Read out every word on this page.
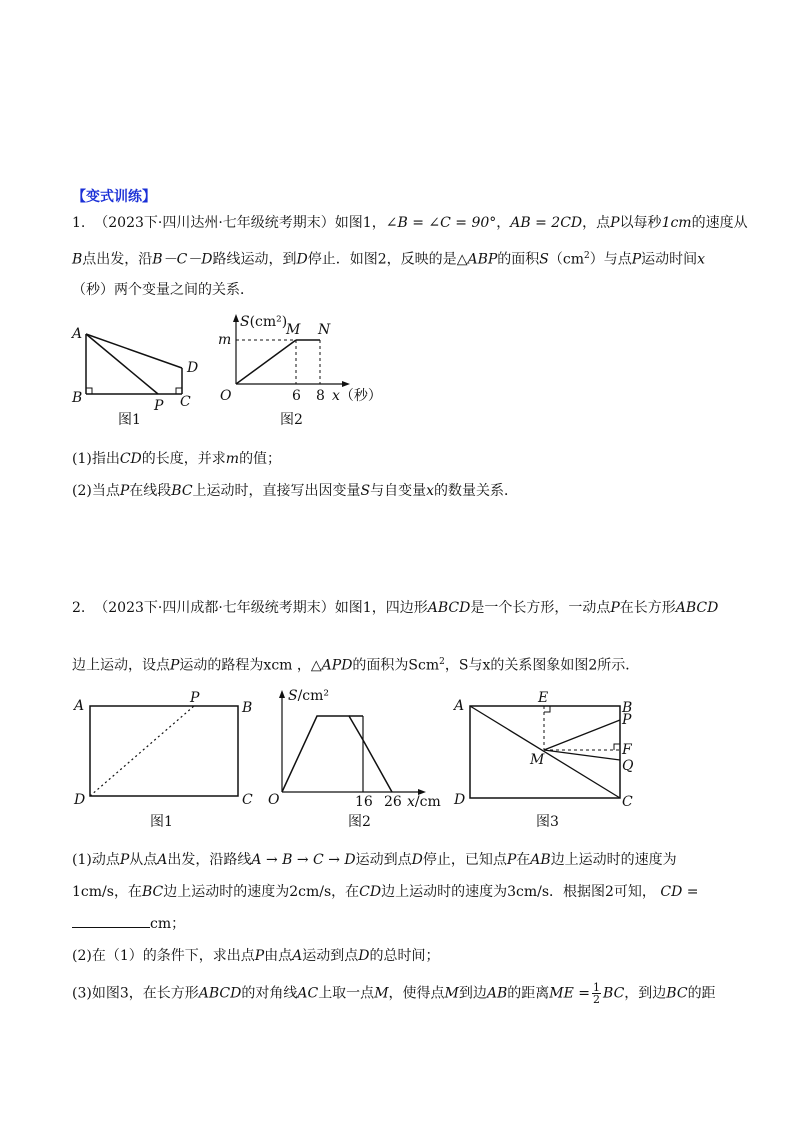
【变式训练】
1. （2023下·四川达州·七年级统考期末）如图1，∠B = ∠C = 90°，AB = 2CD，点P以每秒1cm的速度从
B点出发，沿B－C－D路线运动，到D停止．如图2，反映的是△ABP的面积$S(cm^2)$与点P运动时间x
（秒）两个变量之间的关系．
A
B	C
D
P
图1
S(cm²)
m
M N
O	6 8 x（秒）
图2
(1)指出CD的长度，并求m的值；
(2)当点P在线段BC上运动时，直接写出因变量S与自变量x的数量关系．
2. （2023下·四川成都·七年级统考期末）如图1，四边形ABCD是一个长方形，一动点P在长方形ABCD
边上运动，设点P运动的路程为xcm ，△APD的面积为Scm$^2$，S与x的关系图象如图2所示．
A	B
C
D
P
图1
S/cm²
O	16 26 x/cm
图2
A	B
C
D
E
F
M
P
Q
图3
(1)动点P从点A出发，沿路线A → B → C → D运动到点D停止，已知点P在AB边上运动时的速度为
1cm/s，在BC边上运动时的速度为2cm/s，在CD边上运动时的速度为3cm/s．根据图2可知， CD =
cm；
(2)在（1）的条件下，求出点P由点A运动到点D的总时间；
(3)如图3，在长方形ABCD的对角线AC上取一点M，使得点M到边AB的距离ME = $\frac{1}{2}$ BC，到边BC的距
